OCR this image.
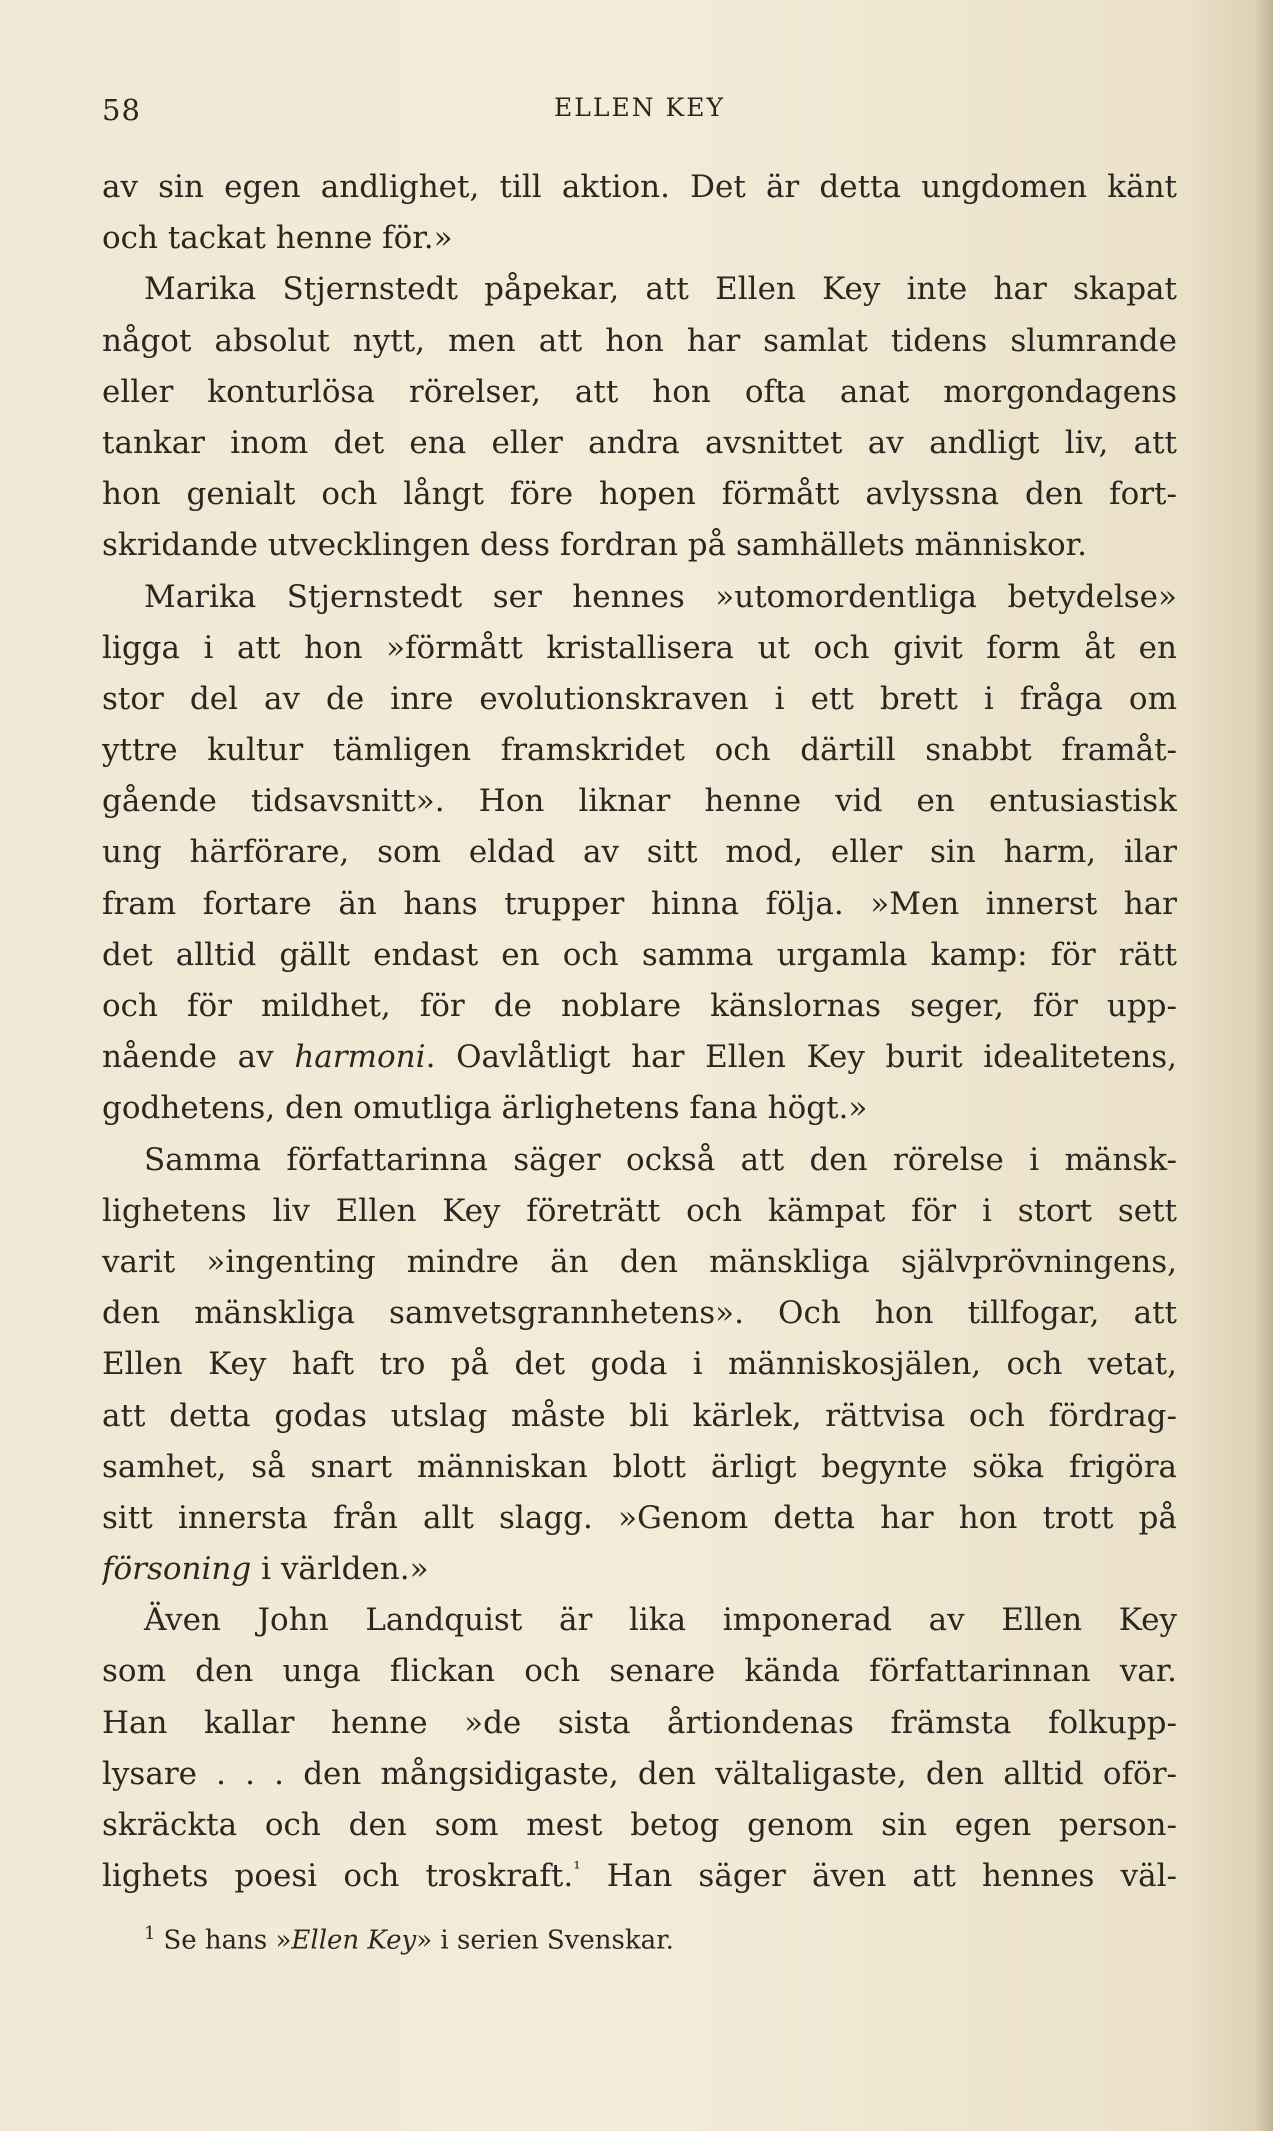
58	ELLEN KEY
av sin egen andlighet, till aktion. Det är detta ungdomen känt
och tackat henne för.»
Marika Stjernstedt påpekar, att Ellen Key inte har skapat
något absolut nytt, men att hon har samlat tidens slumrande
eller konturlösa rörelser, att hon ofta anat morgondagens
tankar inom det ena eller andra avsnittet av andligt liv, att
hon genialt och långt före hopen förmått avlyssna den fort-
skridande utvecklingen dess fordran på samhällets människor.
Marika Stjernstedt ser hennes »utomordentliga betydelse»
ligga i att hon »förmått kristallisera ut och givit form åt en
stor del av de inre evolutionskraven i ett brett i fråga om
yttre kultur tämligen framskridet och därtill snabbt framåt-
gående tidsavsnitt». Hon liknar henne vid en entusiastisk
ung härförare, som eldad av sitt mod, eller sin harm, ilar
fram fortare än hans trupper hinna följa. »Men innerst har
det alltid gällt endast en och samma urgamla kamp: för rätt
och för mildhet, för de noblare känslornas seger, för upp-
nående av harmoni. Oavlåtligt har Ellen Key burit idealitetens,
godhetens, den omutliga ärlighetens fana högt.»
Samma författarinna säger också att den rörelse i mänsk-
lighetens liv Ellen Key företrätt och kämpat för i stort sett
varit »ingenting mindre än den mänskliga självprövningens,
den mänskliga samvetsgrannhetens». Och hon tillfogar, att
Ellen Key haft tro på det goda i människosjälen, och vetat,
att detta godas utslag måste bli kärlek, rättvisa och fördrag-
samhet, så snart människan blott ärligt begynte söka frigöra
sitt innersta från allt slagg. »Genom detta har hon trott på
försoning i världen.»
Även John Landquist är lika imponerad av Ellen Key
som den unga flickan och senare kända författarinnan var.
Han kallar henne »de sista årtiondenas främsta folkupp-
lysare . . . den mångsidigaste, den vältaligaste, den alltid oför-
skräckta och den som mest betog genom sin egen person-
lighets poesi och troskraft.$^{^1}$ Han säger även att hennes väl-
$^1$ Se hans »Ellen Key» i serien Svenskar.
